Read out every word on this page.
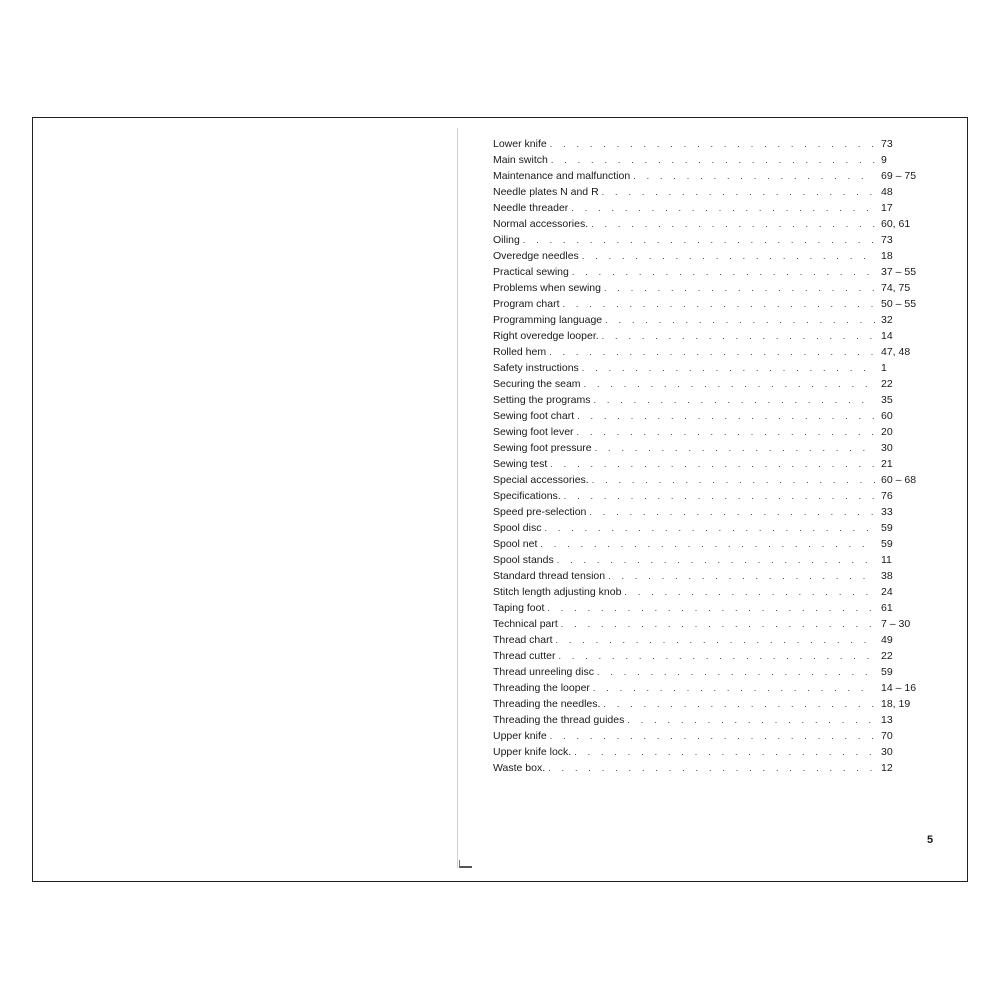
Lower knife . . .	73
Main switch . . .	9
Maintenance and malfunction . . .	69 – 75
Needle plates N and R . . .	48
Needle threader . . .	17
Normal accessories. . . .	60, 61
Oiling . . .	73
Overedge needles . . .	18
Practical sewing . . .	37 – 55
Problems when sewing . . .	74, 75
Program chart . . .	50 – 55
Programming language . . .	32
Right overedge looper. . . .	14
Rolled hem . . .	47, 48
Safety instructions . . .	1
Securing the seam . . .	22
Setting the programs . . .	35
Sewing foot chart . . .	60
Sewing foot lever . . .	20
Sewing foot pressure . . .	30
Sewing test . . .	21
Special accessories. . . .	60 – 68
Specifications. . . .	76
Speed pre-selection . . .	33
Spool disc . . .	59
Spool net . . .	59
Spool stands . . .	11
Standard thread tension . . .	38
Stitch length adjusting knob . . .	24
Taping foot . . .	61
Technical part . . .	7 – 30
Thread chart . . .	49
Thread cutter . . .	22
Thread unreeling disc . . .	59
Threading the looper . . .	14 – 16
Threading the needles. . . .	18, 19
Threading the thread guides . . .	13
Upper knife . . .	70
Upper knife lock. . . .	30
Waste box. . . .	12
5
